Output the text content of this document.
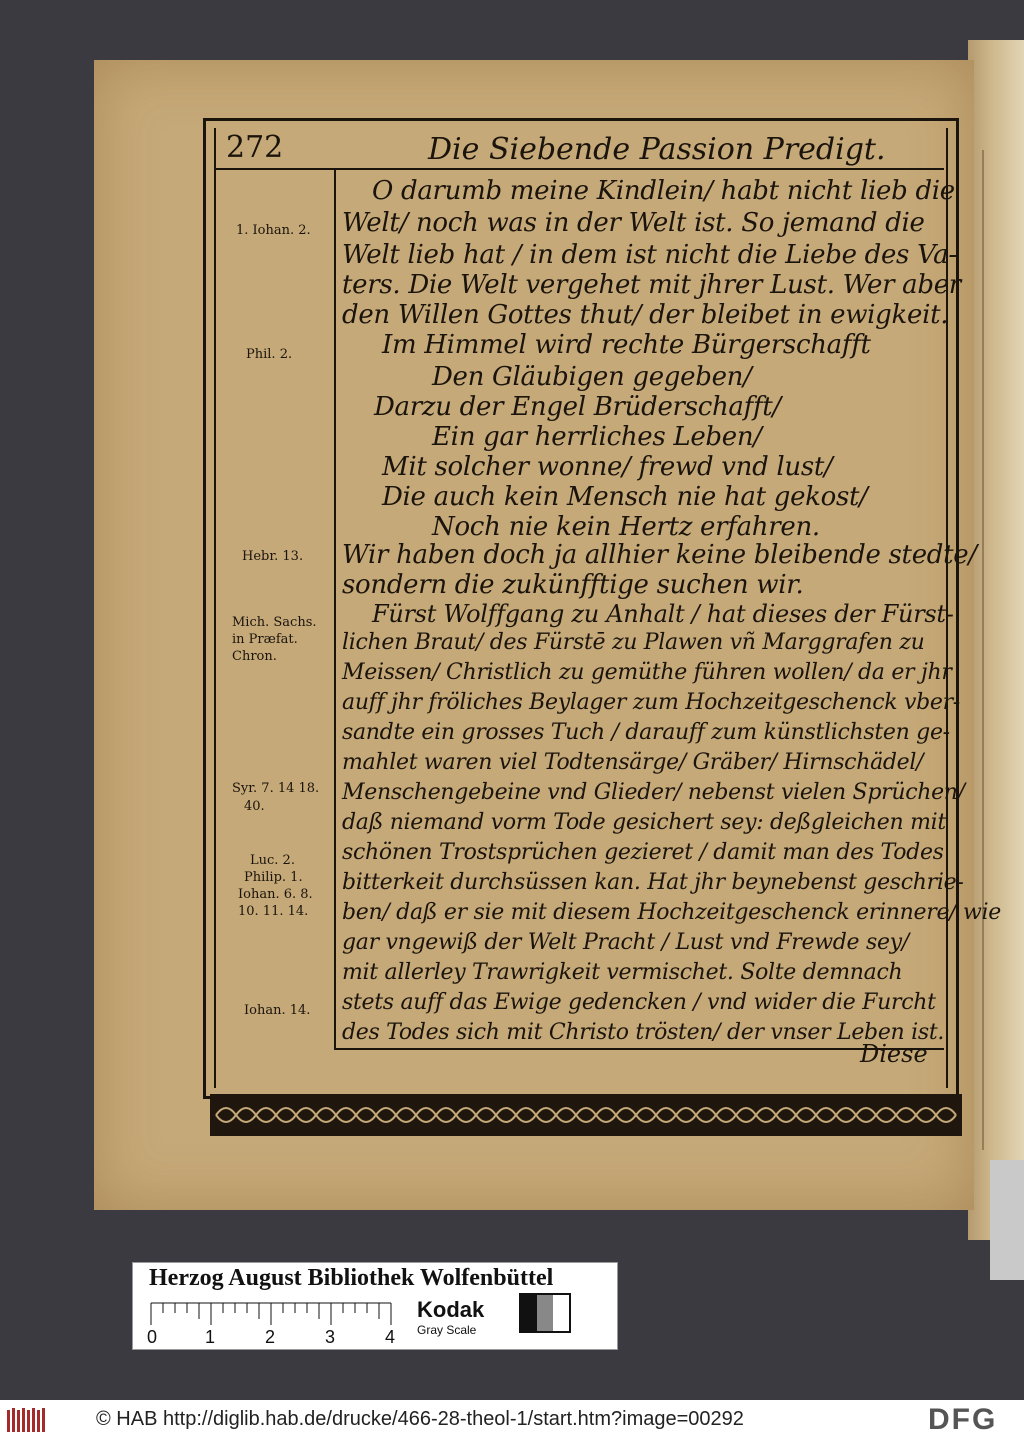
272	Die Siebende Passion Predigt.
O darumb meine Kindlein/ habt nicht lieb die
Welt/ noch was in der Welt ist. So jemand die
Welt lieb hat / in dem ist nicht die Liebe des Va-
ters. Die Welt vergehet mit jhrer Lust. Wer aber
den Willen Gottes thut/ der bleibet in ewigkeit.
Im Himmel wird rechte Bürgerschafft
Den Gläubigen gegeben/
Darzu der Engel Brüderschafft/
Ein gar herrliches Leben/
Mit solcher wonne/ frewd vnd lust/
Die auch kein Mensch nie hat gekost/
Noch nie kein Hertz erfahren.
Wir haben doch ja allhier keine bleibende stedte/
sondern die zukünfftige suchen wir.
Fürst Wolffgang zu Anhalt / hat dieses der Fürst-
lichen Braut/ des Fürstē zu Plawen vñ Marggrafen zu
Meissen/ Christlich zu gemüthe führen wollen/ da er jhr
auff jhr fröliches Beylager zum Hochzeitgeschenck vber-
sandte ein grosses Tuch / darauff zum künstlichsten ge-
mahlet waren viel Todtensärge/ Gräber/ Hirnschädel/
Menschengebeine vnd Glieder/ nebenst vielen Sprüchen/
daß niemand vorm Tode gesichert sey: deßgleichen mit
schönen Trostsprüchen gezieret / damit man des Todes
bitterkeit durchsüssen kan. Hat jhr beynebenst geschrie-
ben/ daß er sie mit diesem Hochzeitgeschenck erinnere/ wie
gar vngewiß der Welt Pracht / Lust vnd Frewde sey/
mit allerley Trawrigkeit vermischet. Solte demnach
stets auff das Ewige gedencken / vnd wider die Furcht
des Todes sich mit Christo trösten/ der vnser Leben ist.
1. Iohan. 2.
Phil. 2.
Hebr. 13.
Mich. Sachs.
in Præfat.
Chron.
Syr. 7. 14 18.
40.
Luc. 2.
Philip. 1.
Iohan. 6. 8.
10. 11. 14.
Iohan. 14.
Diese
Herzog August Bibliothek Wolfenbüttel
0	1	2	3	4
Kodak
Gray Scale
© HAB http://diglib.hab.de/drucke/466-28-theol-1/start.htm?image=00292	DFG
